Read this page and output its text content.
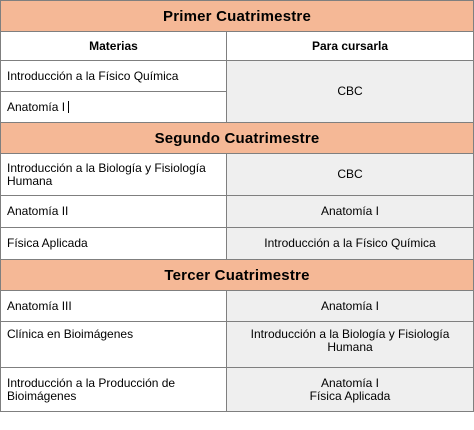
Primer Cuatrimestre	
Materias	Para cursarla
Introducción a la Físico Química	CBC

Anatomía I	
Segundo Cuatrimestre	
Introducción a la Biología y Fisiología Humana	CBC

Anatomía II	Anatomía I

Física Aplicada	Introducción a la Físico Química

Tercer Cuatrimestre	
Anatomía III	Anatomía I

Clínica en Bioimágenes	Introducción a la Biología y Fisiología Humana

Introducción a la Producción de Bioimágenes	Anatomía I
Física Aplicada
